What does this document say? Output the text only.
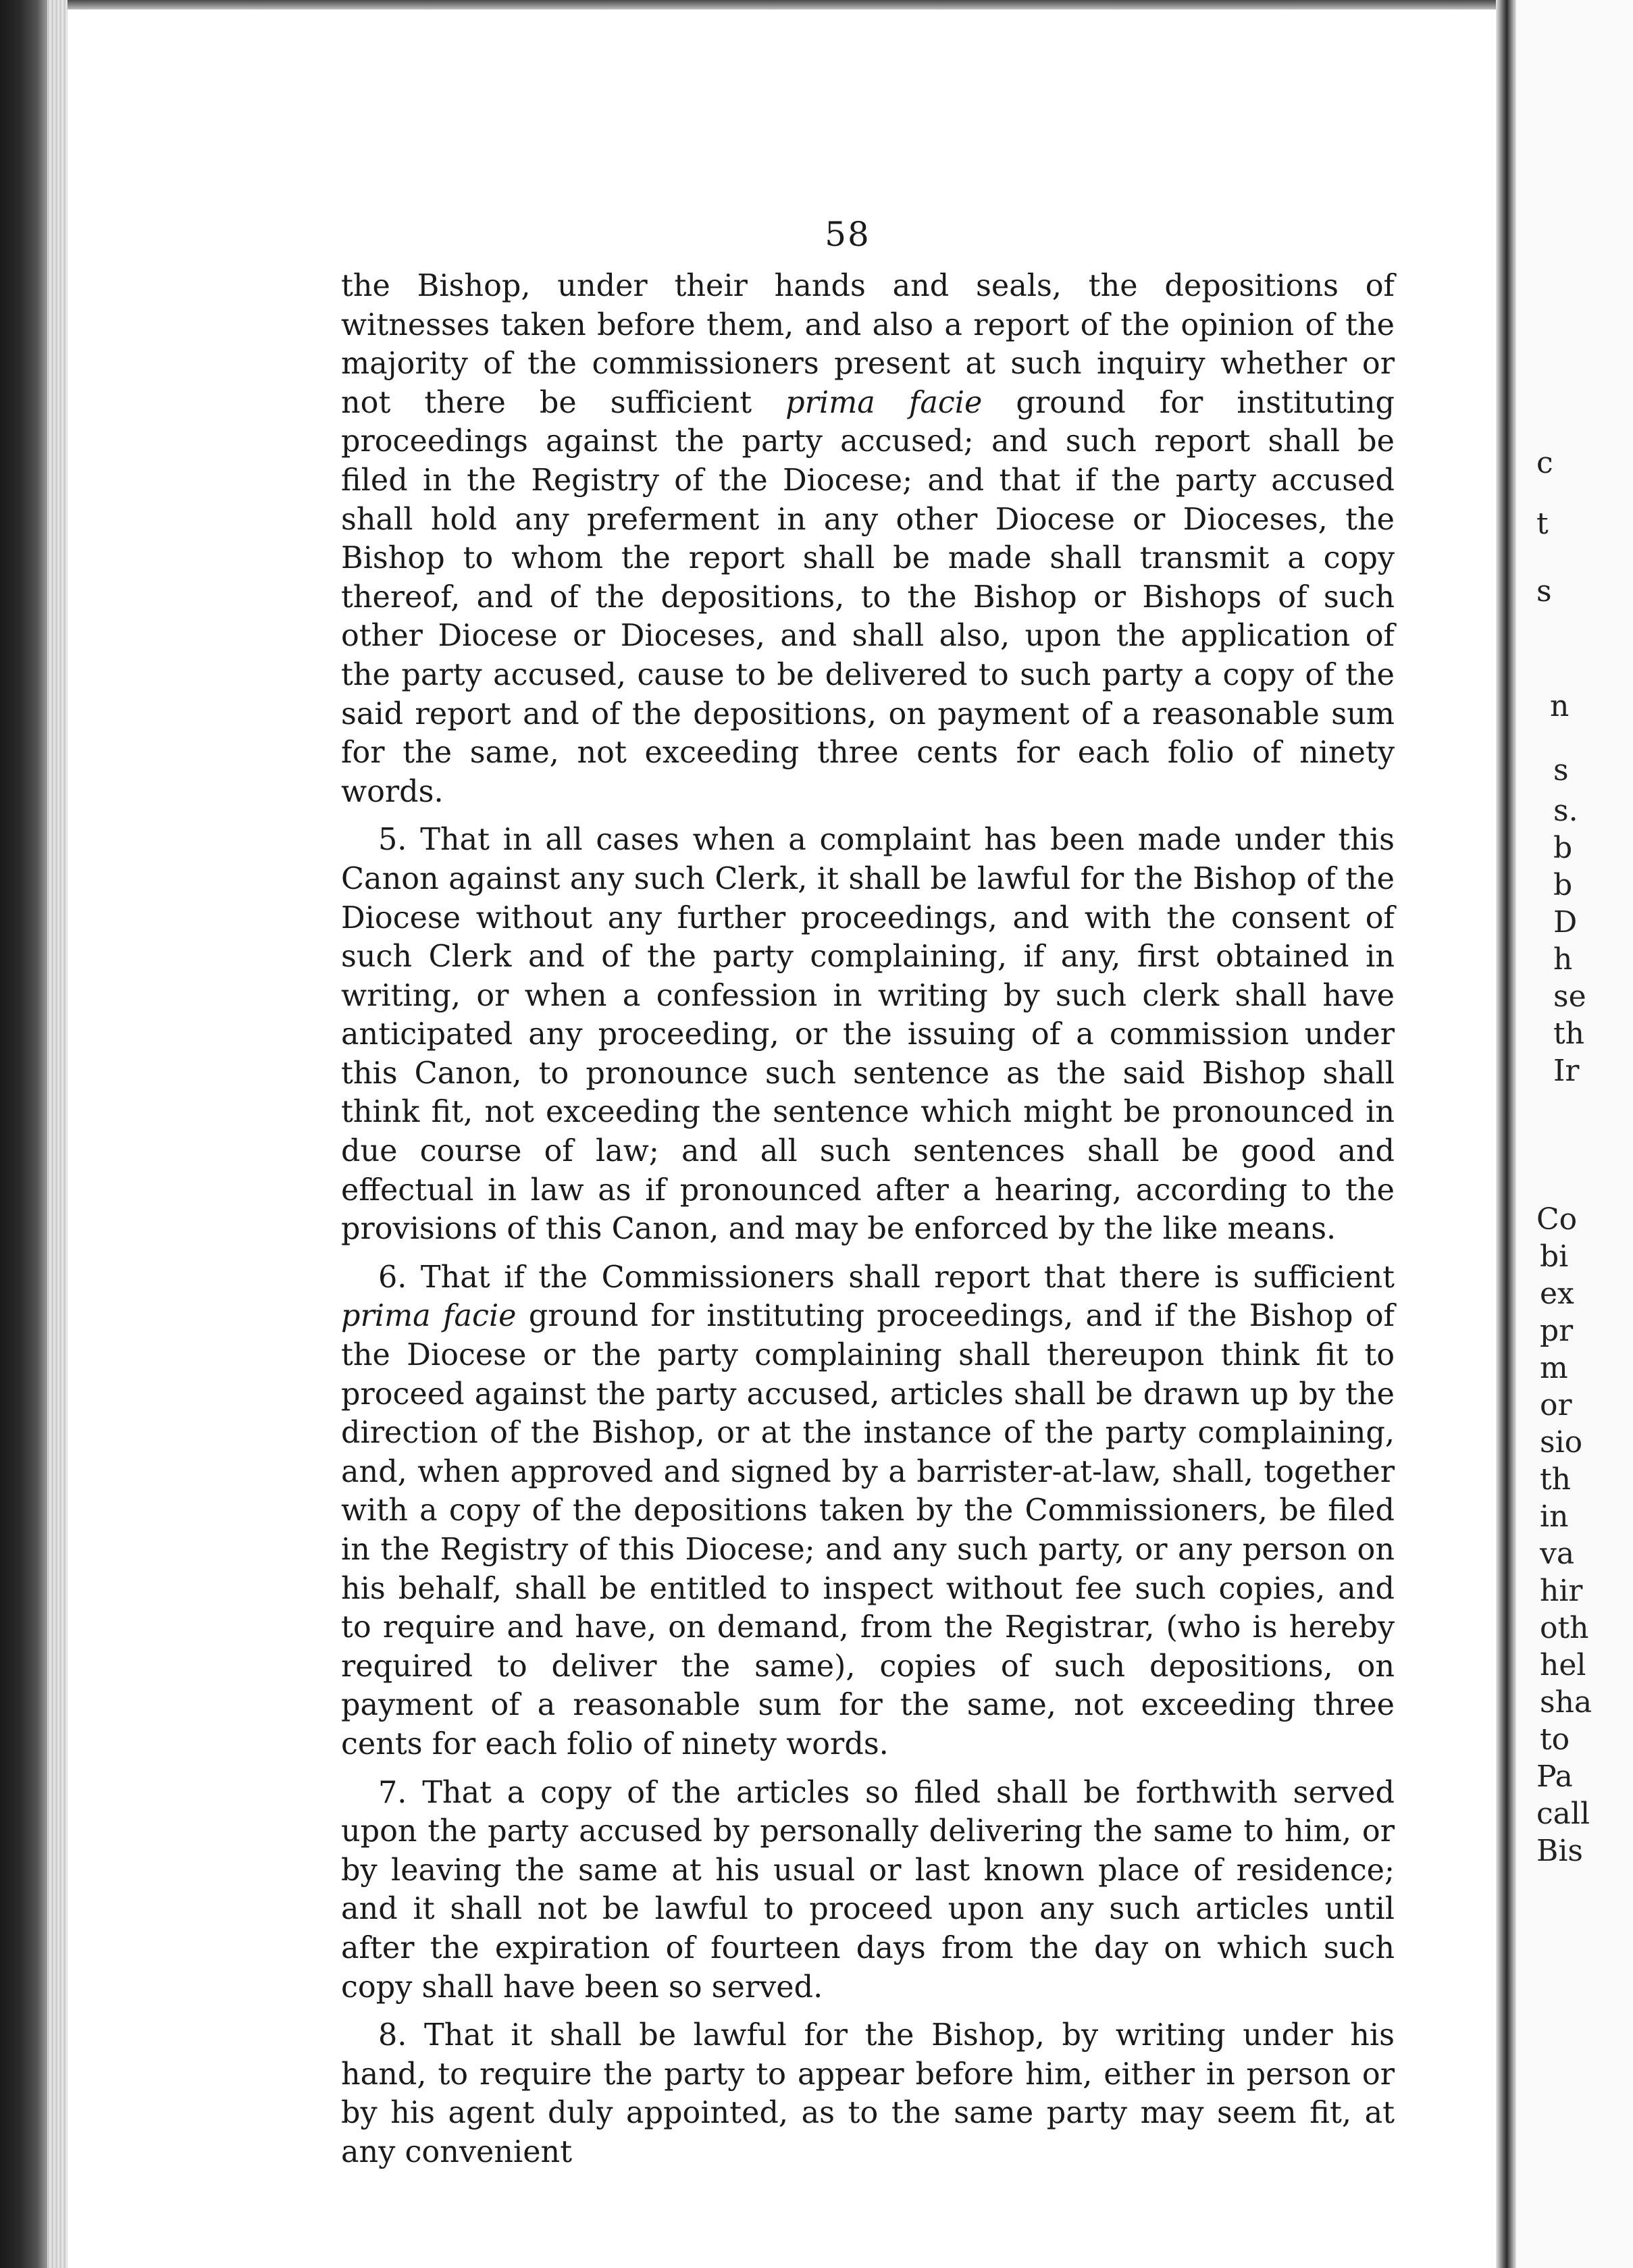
58

the Bishop, under their hands and seals, the depositions of witnesses taken before them, and also a report of the opinion of the majority of the commissioners present at such inquiry whether or not there be sufficient prima facie ground for instituting proceedings against the party accused; and such report shall be filed in the Registry of the Diocese; and that if the party accused shall hold any preferment in any other Diocese or Dioceses, the Bishop to whom the report shall be made shall transmit a copy thereof, and of the depositions, to the Bishop or Bishops of such other Diocese or Dioceses, and shall also, upon the application of the party accused, cause to be delivered to such party a copy of the said report and of the depositions, on payment of a reasonable sum for the same, not exceeding three cents for each folio of ninety words.

5. That in all cases when a complaint has been made under this Canon against any such Clerk, it shall be lawful for the Bishop of the Diocese without any further proceedings, and with the consent of such Clerk and of the party complaining, if any, first obtained in writing, or when a confession in writing by such clerk shall have anticipated any proceeding, or the issuing of a commission under this Canon, to pronounce such sentence as the said Bishop shall think fit, not exceeding the sentence which might be pronounced in due course of law; and all such sentences shall be good and effectual in law as if pronounced after a hearing, according to the provisions of this Canon, and may be enforced by the like means.

6. That if the Commissioners shall report that there is sufficient prima facie ground for instituting proceedings, and if the Bishop of the Diocese or the party complaining shall thereupon think fit to proceed against the party accused, articles shall be drawn up by the direction of the Bishop, or at the instance of the party complaining, and, when approved and signed by a barrister-at-law, shall, together with a copy of the depositions taken by the Commissioners, be filed in the Registry of this Diocese; and any such party, or any person on his behalf, shall be entitled to inspect without fee such copies, and to require and have, on demand, from the Registrar, (who is hereby required to deliver the same), copies of such depositions, on payment of a reasonable sum for the same, not exceeding three cents for each folio of ninety words.

7. That a copy of the articles so filed shall be forthwith served upon the party accused by personally delivering the same to him, or by leaving the same at his usual or last known place of residence; and it shall not be lawful to proceed upon any such articles until after the expiration of fourteen days from the day on which such copy shall have been so served.

8. That it shall be lawful for the Bishop, by writing under his hand, to require the party to appear before him, either in person or by his agent duly appointed, as to the same party may seem fit, at any convenient

c
t
s
n
s
s.
b
b
D
h
se
th
Ir
Co
bi
ex
pr
m
or
sio
th
in
va
hir
oth
hel
sha
to
Pa
call
Bis
